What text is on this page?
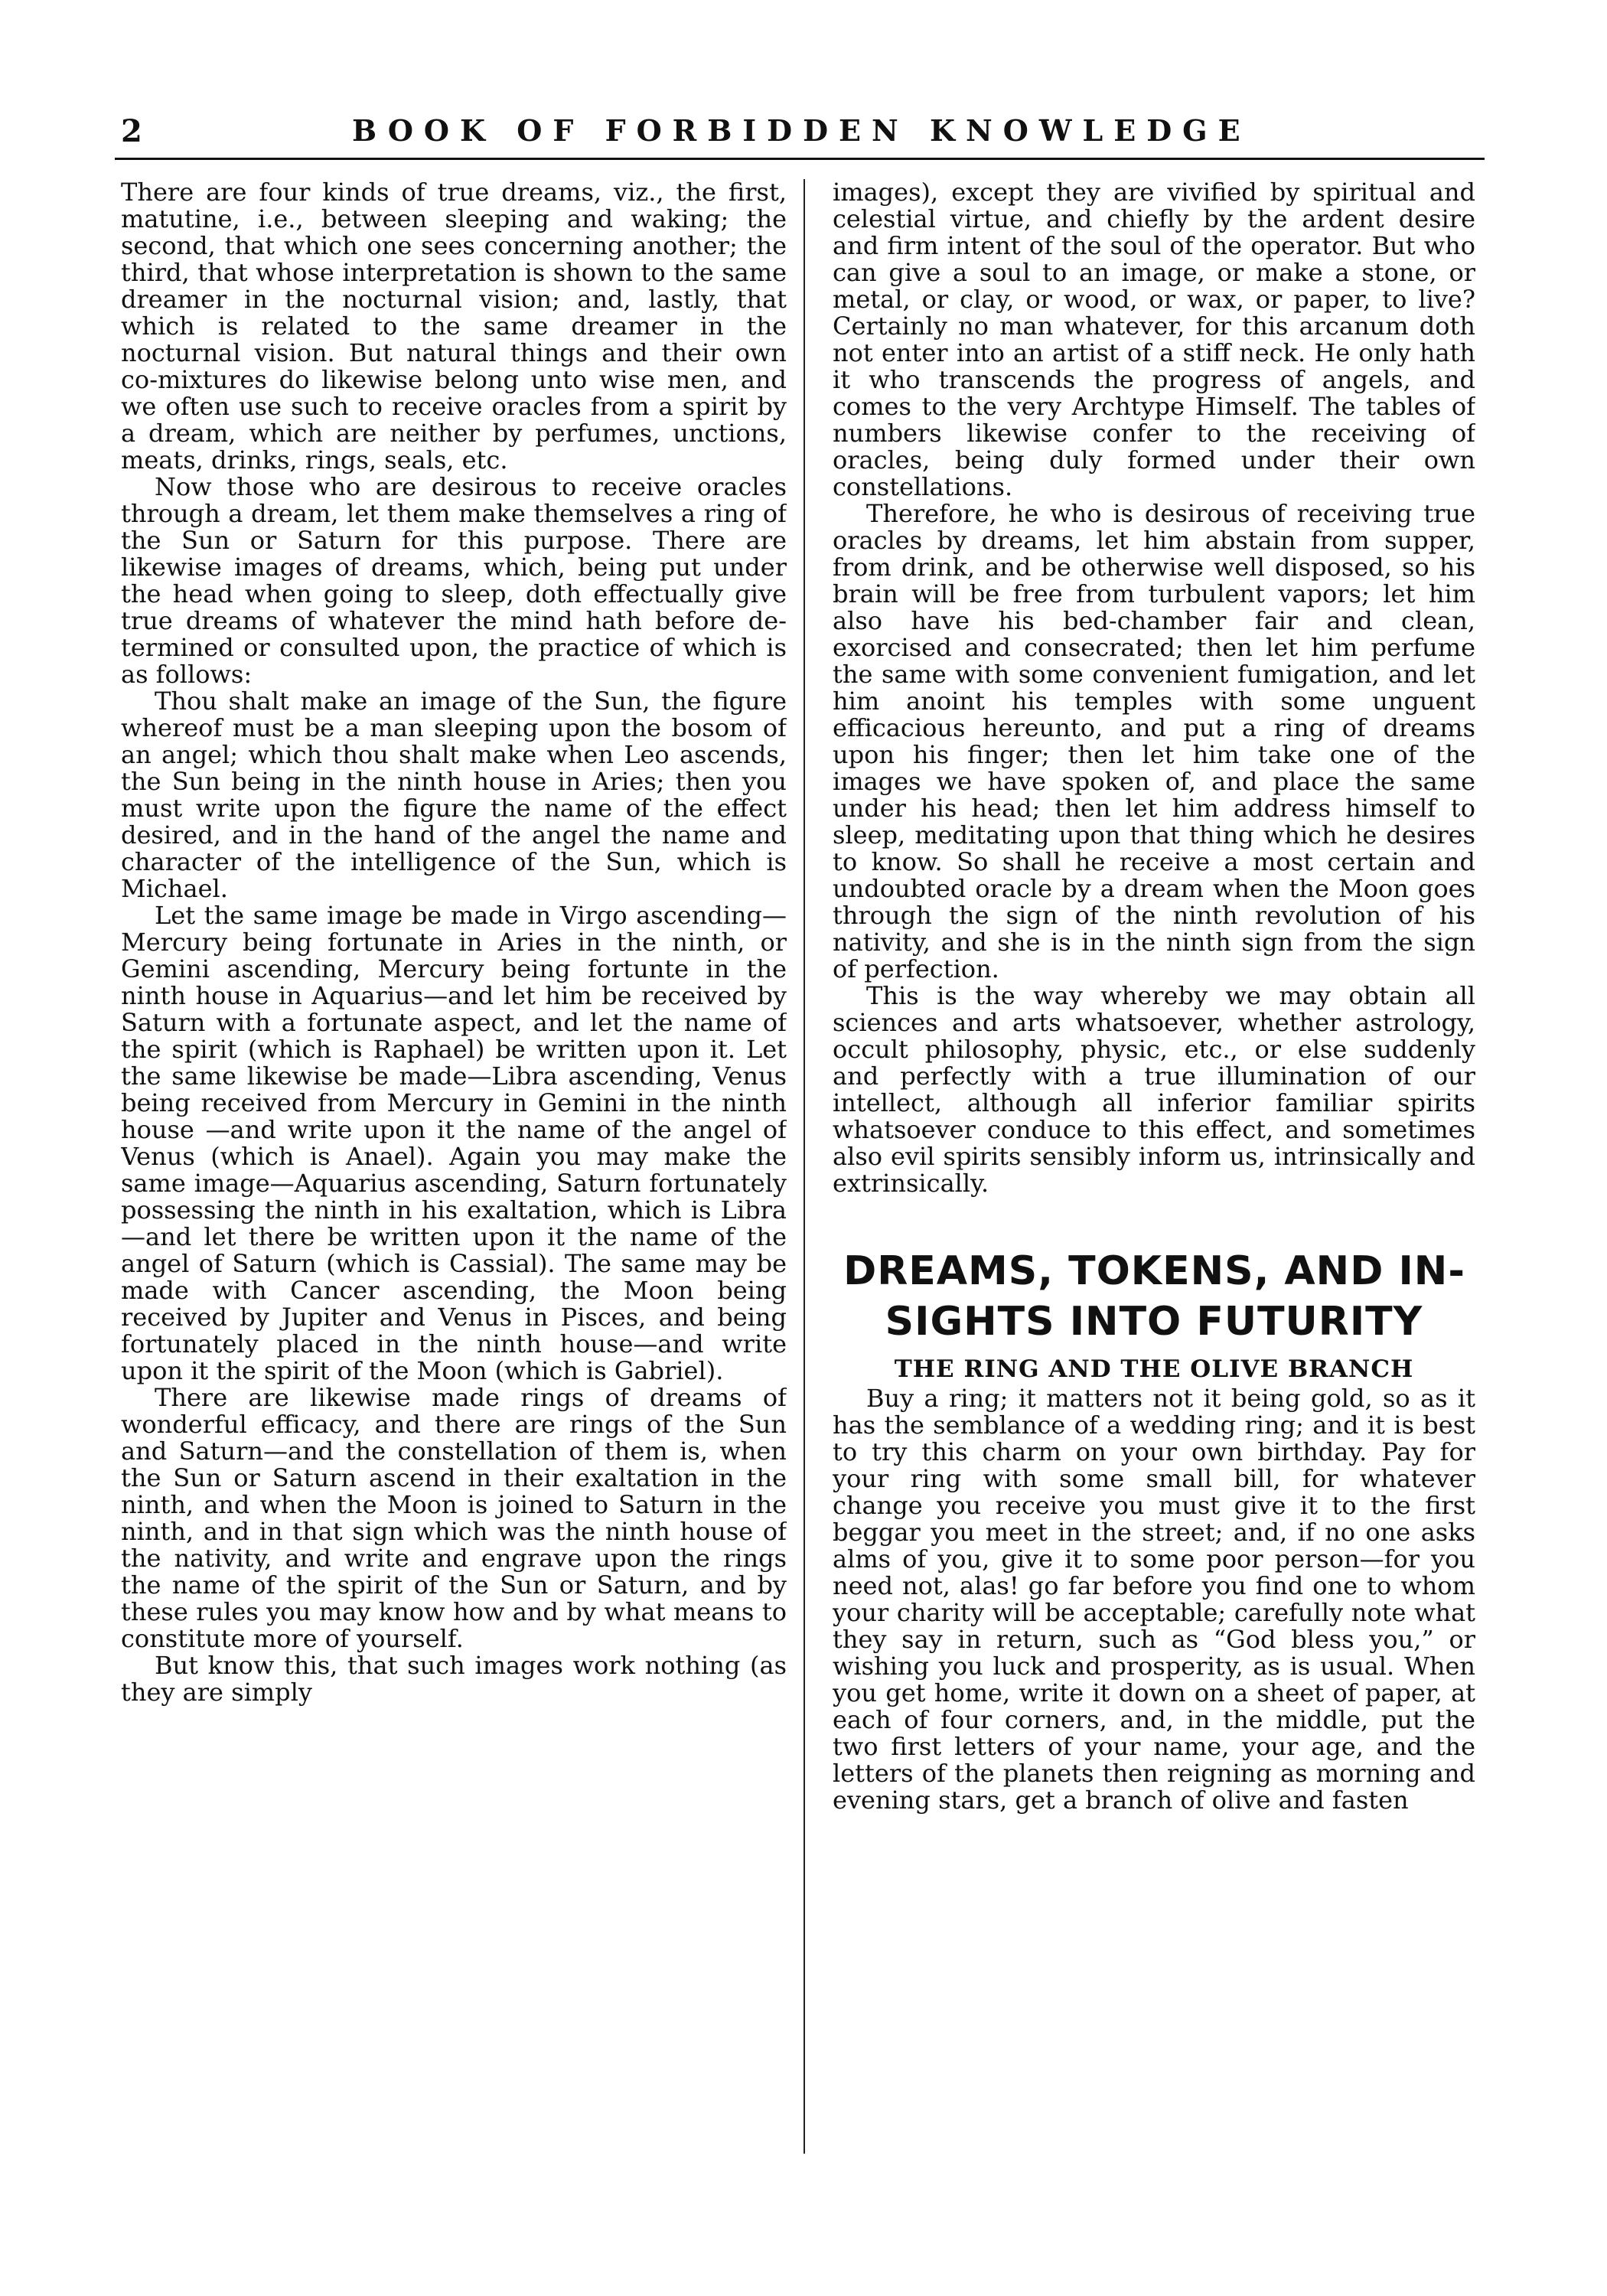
2	BOOK OF FORBIDDEN KNOWLEDGE

There are four kinds of true dreams, viz., the first, matutine, i.e., between sleeping and waking; the second, that which one sees concerning another; the third, that whose interpretation is shown to the same dreamer in the nocturnal vision; and, lastly, that which is related to the same dreamer in the nocturnal vision. But natural things and their own co-mixtures do likewise belong unto wise men, and we often use such to receive oracles from a spirit by a dream, which are neither by perfumes, unctions, meats, drinks, rings, seals, etc.

Now those who are desirous to receive oracles through a dream, let them make themselves a ring of the Sun or Saturn for this purpose. There are likewise images of dreams, which, being put under the head when going to sleep, doth effectually give true dreams of whatever the mind hath before determined or consulted upon, the practice of which is as follows:

Thou shalt make an image of the Sun, the figure whereof must be a man sleeping upon the bosom of an angel; which thou shalt make when Leo ascends, the Sun being in the ninth house in Aries; then you must write upon the figure the name of the effect desired, and in the hand of the angel the name and character of the intelligence of the Sun, which is Michael.

Let the same image be made in Virgo ascending—Mercury being fortunate in Aries in the ninth, or Gemini ascending, Mercury being fortunte in the ninth house in Aquarius—and let him be received by Saturn with a fortunate aspect, and let the name of the spirit (which is Raphael) be written upon it. Let the same likewise be made—Libra ascending, Venus being received from Mercury in Gemini in the ninth house —and write upon it the name of the angel of Venus (which is Anael). Again you may make the same image—Aquarius ascending, Saturn fortunately possessing the ninth in his exaltation, which is Libra—and let there be written upon it the name of the angel of Saturn (which is Cassial). The same may be made with Cancer ascending, the Moon being received by Jupiter and Venus in Pisces, and being fortunately placed in the ninth house—and write upon it the spirit of the Moon (which is Gabriel).

There are likewise made rings of dreams of wonderful efficacy, and there are rings of the Sun and Saturn—and the constellation of them is, when the Sun or Saturn ascend in their exaltation in the ninth, and when the Moon is joined to Saturn in the ninth, and in that sign which was the ninth house of the nativity, and write and engrave upon the rings the name of the spirit of the Sun or Saturn, and by these rules you may know how and by what means to constitute more of yourself.

But know this, that such images work nothing (as they are simply

images), except they are vivified by spiritual and celestial virtue, and chiefly by the ardent desire and firm intent of the soul of the operator. But who can give a soul to an image, or make a stone, or metal, or clay, or wood, or wax, or paper, to live? Certainly no man whatever, for this arcanum doth not enter into an artist of a stiff neck. He only hath it who transcends the progress of angels, and comes to the very Archtype Himself. The tables of numbers likewise confer to the receiving of oracles, being duly formed under their own constellations.

Therefore, he who is desirous of receiving true oracles by dreams, let him abstain from supper, from drink, and be otherwise well disposed, so his brain will be free from turbulent vapors; let him also have his bed-chamber fair and clean, exorcised and consecrated; then let him perfume the same with some convenient fumigation, and let him anoint his temples with some unguent efficacious hereunto, and put a ring of dreams upon his finger; then let him take one of the images we have spoken of, and place the same under his head; then let him address himself to sleep, meditating upon that thing which he desires to know. So shall he receive a most certain and undoubted oracle by a dream when the Moon goes through the sign of the ninth revolution of his nativity, and she is in the ninth sign from the sign of perfection.

This is the way whereby we may obtain all sciences and arts whatsoever, whether astrology, occult philosophy, physic, etc., or else suddenly and perfectly with a true illumination of our intellect, although all inferior familiar spirits whatsoever conduce to this effect, and sometimes also evil spirits sensibly inform us, intrinsically and extrinsically.

DREAMS, TOKENS, AND INSIGHTS INTO FUTURITY
THE RING AND THE OLIVE BRANCH

Buy a ring; it matters not it being gold, so as it has the semblance of a wedding ring; and it is best to try this charm on your own birthday. Pay for your ring with some small bill, for whatever change you receive you must give it to the first beggar you meet in the street; and, if no one asks alms of you, give it to some poor person—for you need not, alas! go far before you find one to whom your charity will be acceptable; carefully note what they say in return, such as “God bless you,” or wishing you luck and prosperity, as is usual. When you get home, write it down on a sheet of paper, at each of four corners, and, in the middle, put the two first letters of your name, your age, and the letters of the planets then reigning as morning and evening stars, get a branch of olive and fasten
